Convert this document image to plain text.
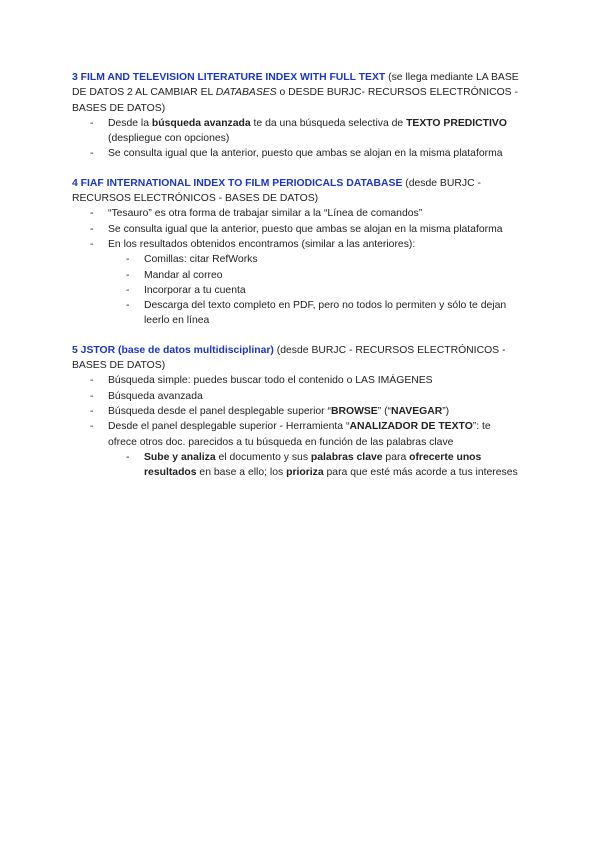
3 FILM AND TELEVISION LITERATURE INDEX WITH FULL TEXT (se llega mediante LA BASE DE DATOS 2 AL CAMBIAR EL DATABASES o DESDE BURJC- RECURSOS ELECTRÓNICOS - BASES DE DATOS)
- Desde la búsqueda avanzada te da una búsqueda selectiva de TEXTO PREDICTIVO (despliegue con opciones)
- Se consulta igual que la anterior, puesto que ambas se alojan en la misma plataforma
4 FIAF INTERNATIONAL INDEX TO FILM PERIODICALS DATABASE (desde BURJC - RECURSOS ELECTRÓNICOS - BASES DE DATOS)
- “Tesauro” es otra forma de trabajar similar a la “Línea de comandos”
- Se consulta igual que la anterior, puesto que ambas se alojan en la misma plataforma
- En los resultados obtenidos encontramos (similar a las anteriores):
- Comillas: citar RefWorks
- Mandar al correo
- Incorporar a tu cuenta
- Descarga del texto completo en PDF, pero no todos lo permiten y sólo te dejan leerlo en línea
5 JSTOR (base de datos multidisciplinar) (desde BURJC - RECURSOS ELECTRÓNICOS - BASES DE DATOS)
- Búsqueda simple: puedes buscar todo el contenido o LAS IMÁGENES
- Búsqueda avanzada
- Búsqueda desde el panel desplegable superior “BROWSE” (“NAVEGAR”)
- Desde el panel desplegable superior - Herramienta “ANALIZADOR DE TEXTO”: te ofrece otros doc. parecidos a tu búsqueda en función de las palabras clave
- Sube y analiza el documento y sus palabras clave para ofrecerte unos resultados en base a ello; los prioriza para que esté más acorde a tus intereses
